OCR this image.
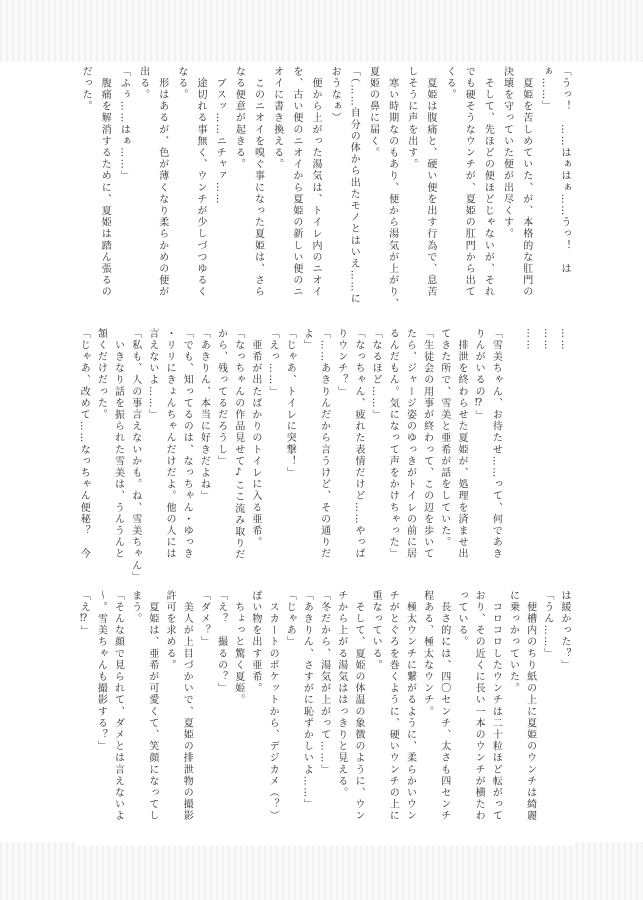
「うっ！　……はぁはぁ……うっ！　は
ぁ……」
　夏姫を苦しめていた、が、本格的な肛門の
決壊を守っていた便が出尽くす。
　そして、先ほどの便ほどじゃないが、それ
でも硬そうなウンチが、夏姫の肛門から出て
くる。
　夏姫は腹痛と、硬い便を出す行為で、息苦
しそうに声を出す。
　寒い時期なのもあり、便から湯気が上がり、
夏姫の鼻に届く。
「（……自分の体から出たモノとはいえ……に
おうなぁ）
　便から上がった湯気は、トイレ内のニオイ
を、古い便のニオイから夏姫の新しい便のニ
オイに書き換える。
　このニオイを嗅ぐ事になった夏姫は、さら
なる便意が起きる。
　ブスッ……ニチャァ……
　途切れる事無く、ウンチが少しづつゆるく
なる。
　形はあるが、色が薄くなり柔らかめの便が
出る。
「ふぅ……はぁ……」
　腹痛を解消するために、夏姫は踏ん張るの
だった。
……
……
……
「雪美ちゃん、お待たせ……って、何であき
りんがいるの⁉」
　排泄を終わらせた夏姫が、処理を済ませ出
てきた所で、雪美と亜希が話をしていた。
「生徒会の用事が終わって、この辺を歩いて
たら、ジャージ姿のゆっきがトイレの前に居
るんだもん。気になって声をかけちゃった」
「なるほど……」
「なっちゃん、疲れた表情だけど……やっぱ
りウンチ？」
「……あきりんだから言うけど、その通りだ
よ」
「じゃあ、トイレに突撃！」
「えっ……」
　亜希が出たばかりのトイレに入る亜希。
「なっちゃんの作品見せて♪ここ流み取りだ
から、残ってるだろうし」
「あきりん、本当に好きだよね」
「でも、知ってるのは、なっちゃん・ゆっき
・リリにきょんちゃんだけだよ。他の人には
言えないよ……」
「私も、人の事言えないかも。ね、雪美ちゃん」
　いきなり話を振られた雪美は、うんうんと
頷くだけだった。
「じゃあ、改めて……なっちゃん便秘？　今
は緩かった？」
「うん……」
　便槽内のちり紙の上に夏姫のウンチは綺麗
に乗っかっていた。
　コロコロしたウンチは二十粒ほど転がって
おり、その近くに長い一本のウンチが横たわ
っている。
　長さ的には、四〇センチ、太さも四センチ
程ある、極太なウンチ。
　極太ウンチに繋がるように、柔らかいウン
チがとぐろを巻くように、硬いウンチの上に
重なっている。
　そして、夏姫の体温の象徴のように、ウン
チから上がる湯気ははっきりと見える。
「冬だから、湯気が上がって……」
「あきりん、さすがに恥ずかしいよ……」
「じゃあ」
　スカートのポケットから、デジカメ（？）
ぽい物を出す亜希。
　ちょっと驚く夏姫。
「え？　撮るの？」
「ダメ？」
　美人が上目づかいで、夏姫の排泄物の撮影
許可を求める。
　夏姫は、亜希が可愛くて、笑顔になってし
まう。
「そんな顔で見られて、ダメとは言えないよ
～。雪美ちゃんも撮影する？」
「え⁉」
